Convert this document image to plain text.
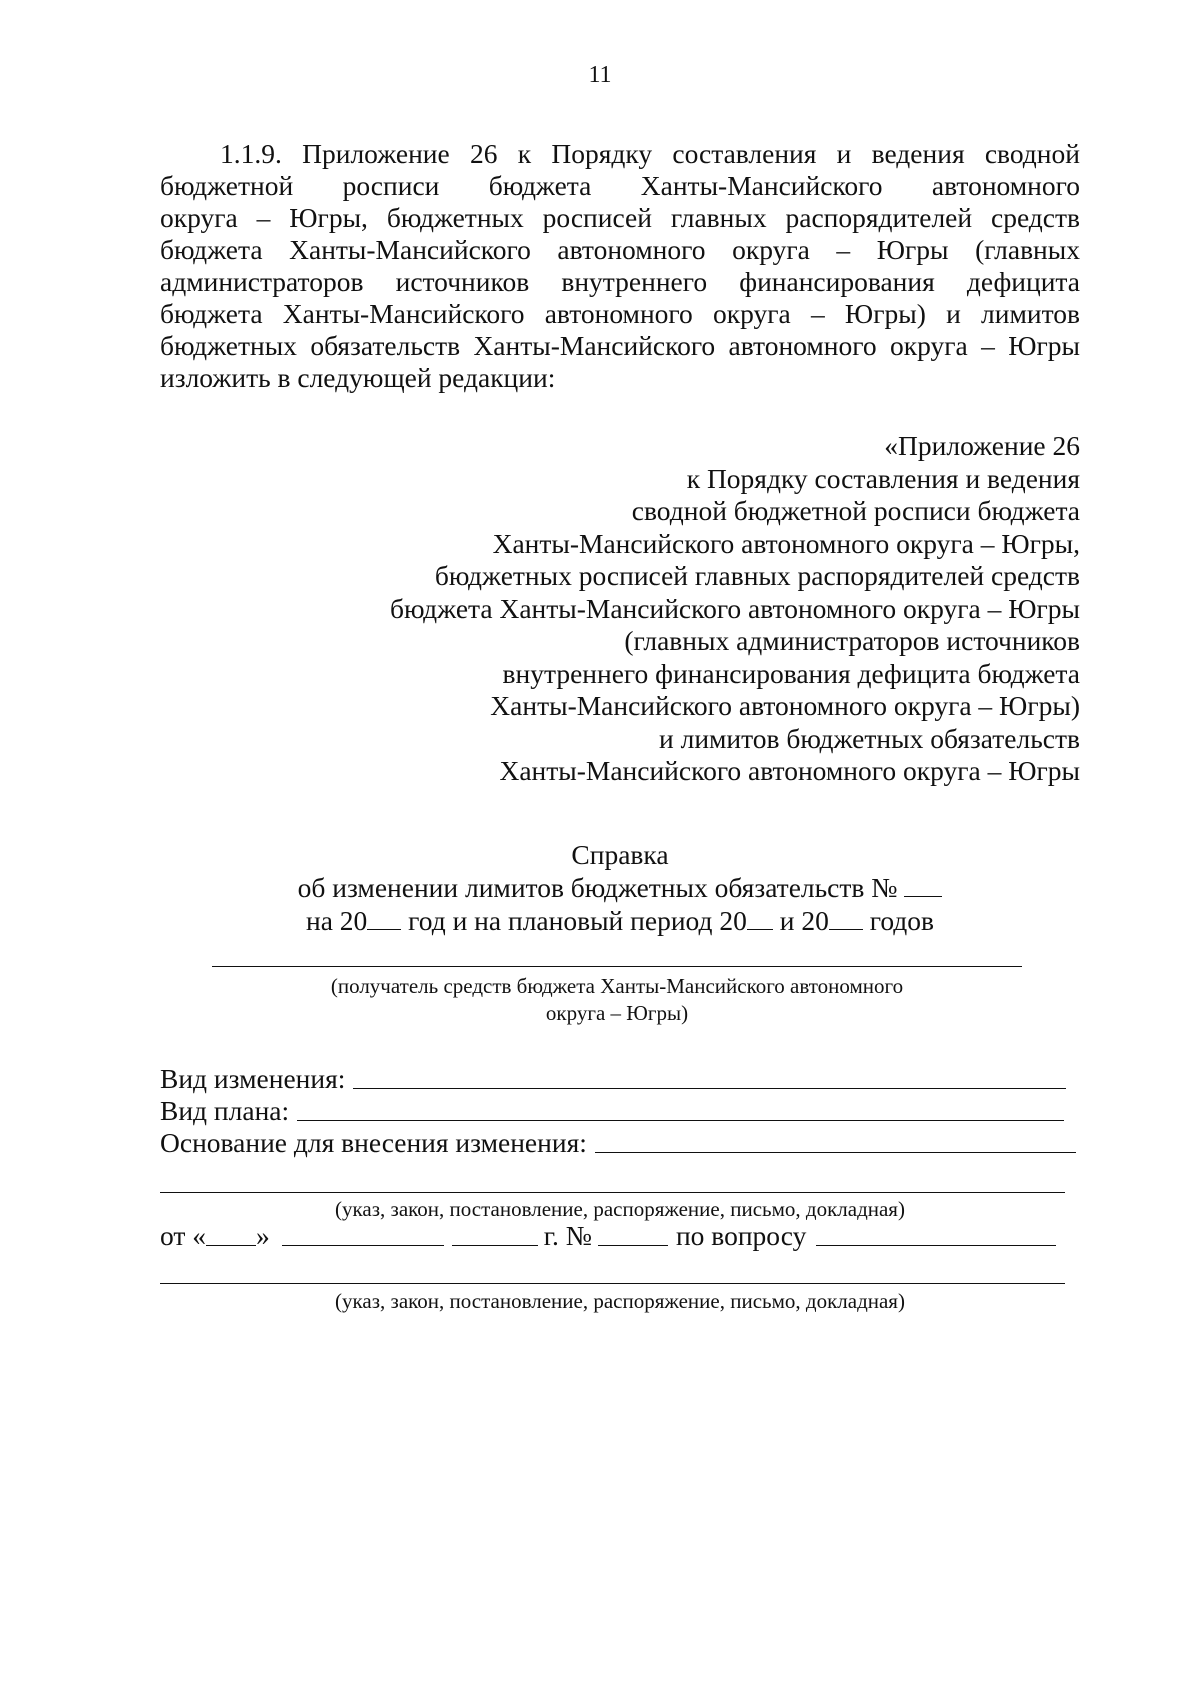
11
1.1.9. Приложение 26 к Порядку составления и ведения сводной
бюджетной росписи бюджета Ханты-Мансийского автономного
округа – Югры, бюджетных росписей главных распорядителей средств
бюджета Ханты-Мансийского автономного округа – Югры (главных
администраторов источников внутреннего финансирования дефицита
бюджета Ханты-Мансийского автономного округа – Югры) и лимитов
бюджетных обязательств Ханты-Мансийского автономного округа – Югры
изложить в следующей редакции:
«Приложение 26
к Порядку составления и ведения
сводной бюджетной росписи бюджета
Ханты-Мансийского автономного округа – Югры,
бюджетных росписей главных распорядителей средств
бюджета Ханты-Мансийского автономного округа – Югры
(главных администраторов источников
внутреннего финансирования дефицита бюджета
Ханты-Мансийского автономного округа – Югры)
и лимитов бюджетных обязательств
Ханты-Мансийского автономного округа – Югры
Справка
об изменении лимитов бюджетных обязательств №
на 20 год и на плановый период 20 и 20 годов
(получатель средств бюджета Ханты-Мансийского автономного
округа – Югры)
Вид изменения:
Вид плана:
Основание для внесения изменения:
(указ, закон, постановление, распоряжение, письмо, докладная)
от « »	г. №	по вопросу
(указ, закон, постановление, распоряжение, письмо, докладная)
